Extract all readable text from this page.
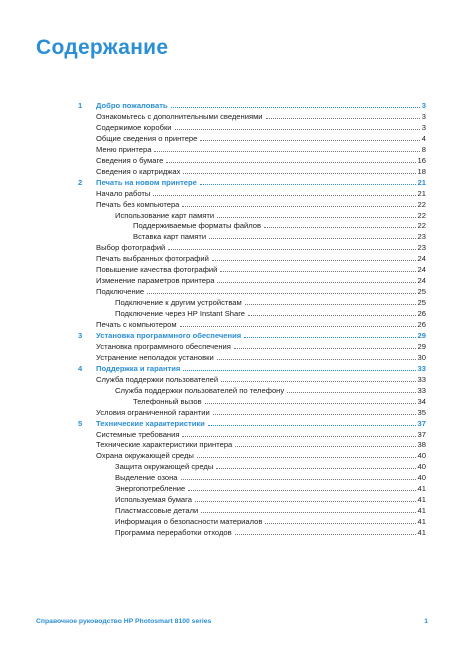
Содержание
1	Добро пожаловать	3
Ознакомьтесь с дополнительными сведениями	3
Содержимое коробки	3
Общие сведения о принтере	4
Меню принтера	8
Сведения о бумаге	16
Сведения о картриджах	18
2	Печать на новом принтере	21
Начало работы	21
Печать без компьютера	22
Использование карт памяти	22
Поддерживаемые форматы файлов	22
Вставка карт памяти	23
Выбор фотографий	23
Печать выбранных фотографий	24
Повышение качества фотографий	24
Изменение параметров принтера	24
Подключение	25
Подключение к другим устройствам	25
Подключение через HP Instant Share	26
Печать с компьютером	26
3	Установка программного обеспечения	29
Установка программного обеспечения	29
Устранение неполадок установки	30
4	Поддержка и гарантия	33
Служба поддержки пользователей	33
Служба поддержки пользователей по телефону	33
Телефонный вызов	34
Условия ограниченной гарантии	35
5	Технические характеристики	37
Системные требования	37
Технические характеристики принтера	38
Охрана окружающей среды	40
Защита окружающей среды	40
Выделение озона	40
Энергопотребление	41
Используемая бумага	41
Пластмассовые детали	41
Информация о безопасности материалов	41
Программа переработки отходов	41
Справочное руководство HP Photosmart 8100 series	1
